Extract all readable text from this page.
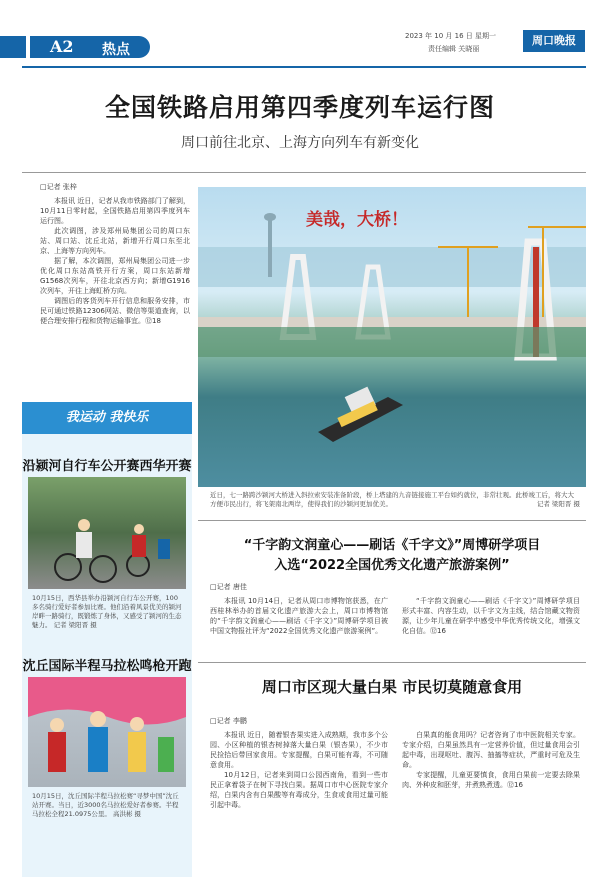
A2 热点
2023 年 10 月 16 日 星期一
责任编辑 关晓丽
周口晚报
全国铁路启用第四季度列车运行图
周口前往北京、上海方向列车有新变化
□记者 张梓

本报讯 近日，记者从我市铁路部门了解到，10月11日零时起，全国铁路启用第四季度列车运行图。

此次调图，涉及郑州局集团公司的周口东站、周口站、沈丘北站，新增开行周口东至北京、上海等方向列车。

据了解，本次调图，郑州局集团公司进一步优化周口东站高铁开行方案，周口东站新增G1568次列车，开往北京西方向；新增G1916次列车，开往上海虹桥方向。

调图后的客货列车开行信息和服务安排，市民可通过铁路12306网站、微信等渠道查询，以便合理安排行程和货物运输事宜。⑫18

美哉，大桥！
近日，七一路跨沙颍河大桥进入斜拉索安装准备阶段，桥上塔建的九音链接施工平台如约就位，非常壮观。此桥竣工后，将大大方便市民出行，将飞架南北两岸，使得我们的沙颍河更加优美。	记者 梁阳晋 摄
我运动 我快乐
沿颍河自行车公开赛西华开赛
10月15日，西华县举办沿颍河自行车公开赛，100多名骑行爱好者参加比赛。他们沿着风景优美的颍河岸畔一路骑行，既锻炼了身体，又感受了颍河的生态魅力。 记者 梁阳晋 摄
沈丘国际半程马拉松鸣枪开跑
10月15日，沈丘国际半程马拉松赛“寻梦中国”沈丘站开赛。当日，近3000名马拉松爱好者参赛。半程马拉松全程21.0975公里。 高洪彬 摄
“千字韵文润童心——刷话《千字文》”周博研学项目
入选“2022全国优秀文化遗产旅游案例”
□记者 唐佳

本报讯 10月14日，记者从周口市博物馆获悉，在广西桂林举办的首届文化遗产旅游大会上，周口市博物馆的“千字韵文润童心——刷话《千字文》”周博研学项目被中国文物报社评为“2022全国优秀文化遗产旅游案例”。

“千字韵文润童心——刷话《千字文》”周博研学项目形式丰富、内容生动，以千字文为主线，结合馆藏文物资源，让少年儿童在研学中感受中华优秀传统文化，增强文化自信。⑫16

周口市区现大量白果 市民切莫随意食用
□记者 李鹏

本报讯 近日，随着银杏果实进入成熟期，我市多个公园、小区种植的银杏树掉落大量白果（银杏果），不少市民捡拾后带回家食用。专家提醒，白果可能有毒，不可随意食用。

10月12日，记者来到周口公园西南角，看到一些市民正拿着袋子在树下寻找白果。据周口市中心医院专家介绍，白果内含有白果酸等有毒成分，生食或食用过量可能引起中毒。

白果真的能食用吗？记者咨询了市中医院相关专家。专家介绍，白果虽然具有一定营养价值，但过量食用会引起中毒，出现呕吐、腹泻、抽搐等症状，严重时可危及生命。

专家提醒，儿童更要慎食，食用白果前一定要去除果肉、外种皮和胚芽，并煮熟煮透。⑫16
